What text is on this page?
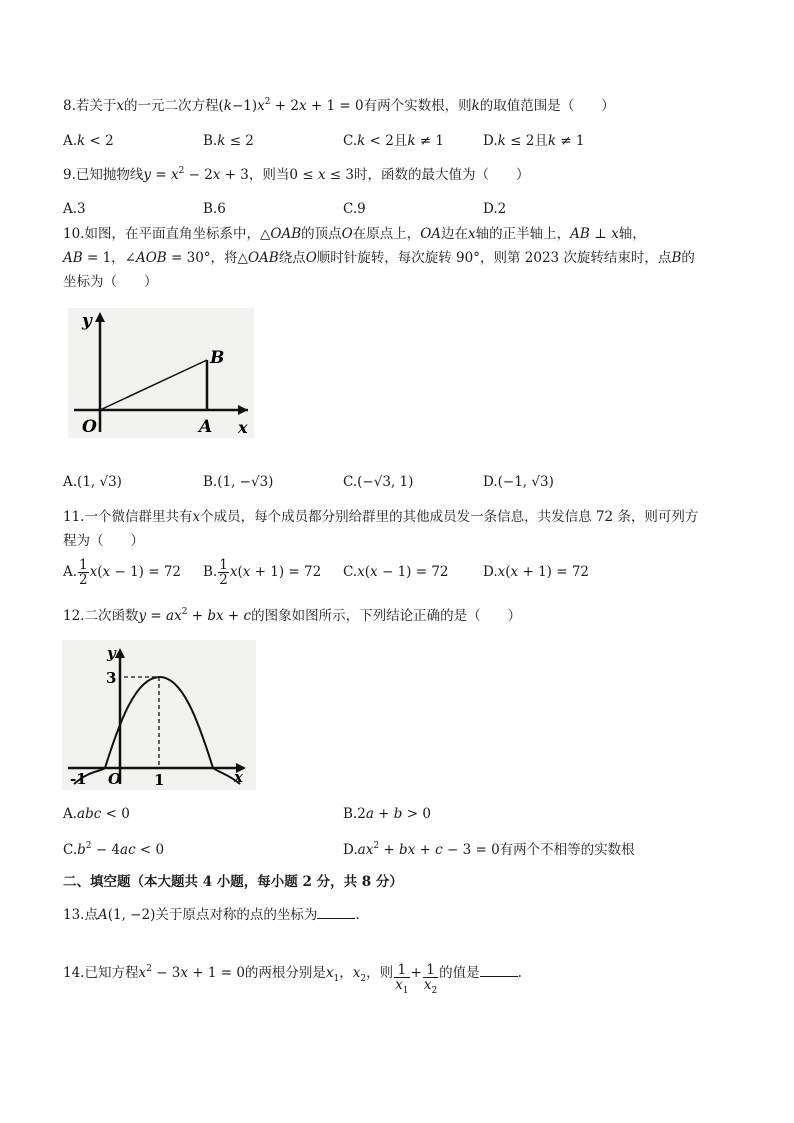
8.若关于x的一元二次方程$(k-1)x^2 + 2x + 1 = 0$有两个实数根，则k的取值范围是（　　）
A.k < 2	B.k ≤ 2	C.k < 2且k ≠ 1	D.k ≤ 2且k ≠ 1
9.已知抛物线$y = x^2 - 2x + 3$，则当0 ≤ x ≤ 3时，函数的最大值为（　　）
A.3	B.6	C.9	D.2
10.如图，在平面直角坐标系中，△OAB的顶点O在原点上，OA边在x轴的正半轴上，AB ⊥ x轴，
AB = 1，∠AOB = 30°，将△OAB绕点O顺时针旋转，每次旋转 90°，则第 2023 次旋转结束时，点B的
坐标为（　　）
y
x
O	A
B
A.(1, √3)	B.(1, −√3)	C.(−√3, 1)	D.(−1, √3)
11.一个微信群里共有x个成员，每个成员都分别给群里的其他成员发一条信息，共发信息 72 条，则可列方
程为（　　）
A. $\frac{1}{2} x(x - 1) = 72$ B. $\frac{1}{2} x(x + 1) = 72$ C.x(x − 1) = 72	D.x(x + 1) = 72
12.二次函数$y = ax^2$ + bx + c的图象如图所示，下列结论正确的是（　　）
y
x
3
-1 O 1
A.abc < 0	B.2a + b > 0
$C.b^2 - 4ac < 0$	$D.ax^2$ + bx + c − 3 = 0有两个不相等的实数根
二、填空题（本大题共 4 小题，每小题 2 分，共 8 分）
13.点A(1, −2)关于原点对称的点的坐标为	.
14.已知方程$x^2 - 3x + 1 = 0$的两根分别是$x_1$，$x_2$，则 $\frac{1}{x_1} + \frac{1}{x_2}$ 的值是	.
